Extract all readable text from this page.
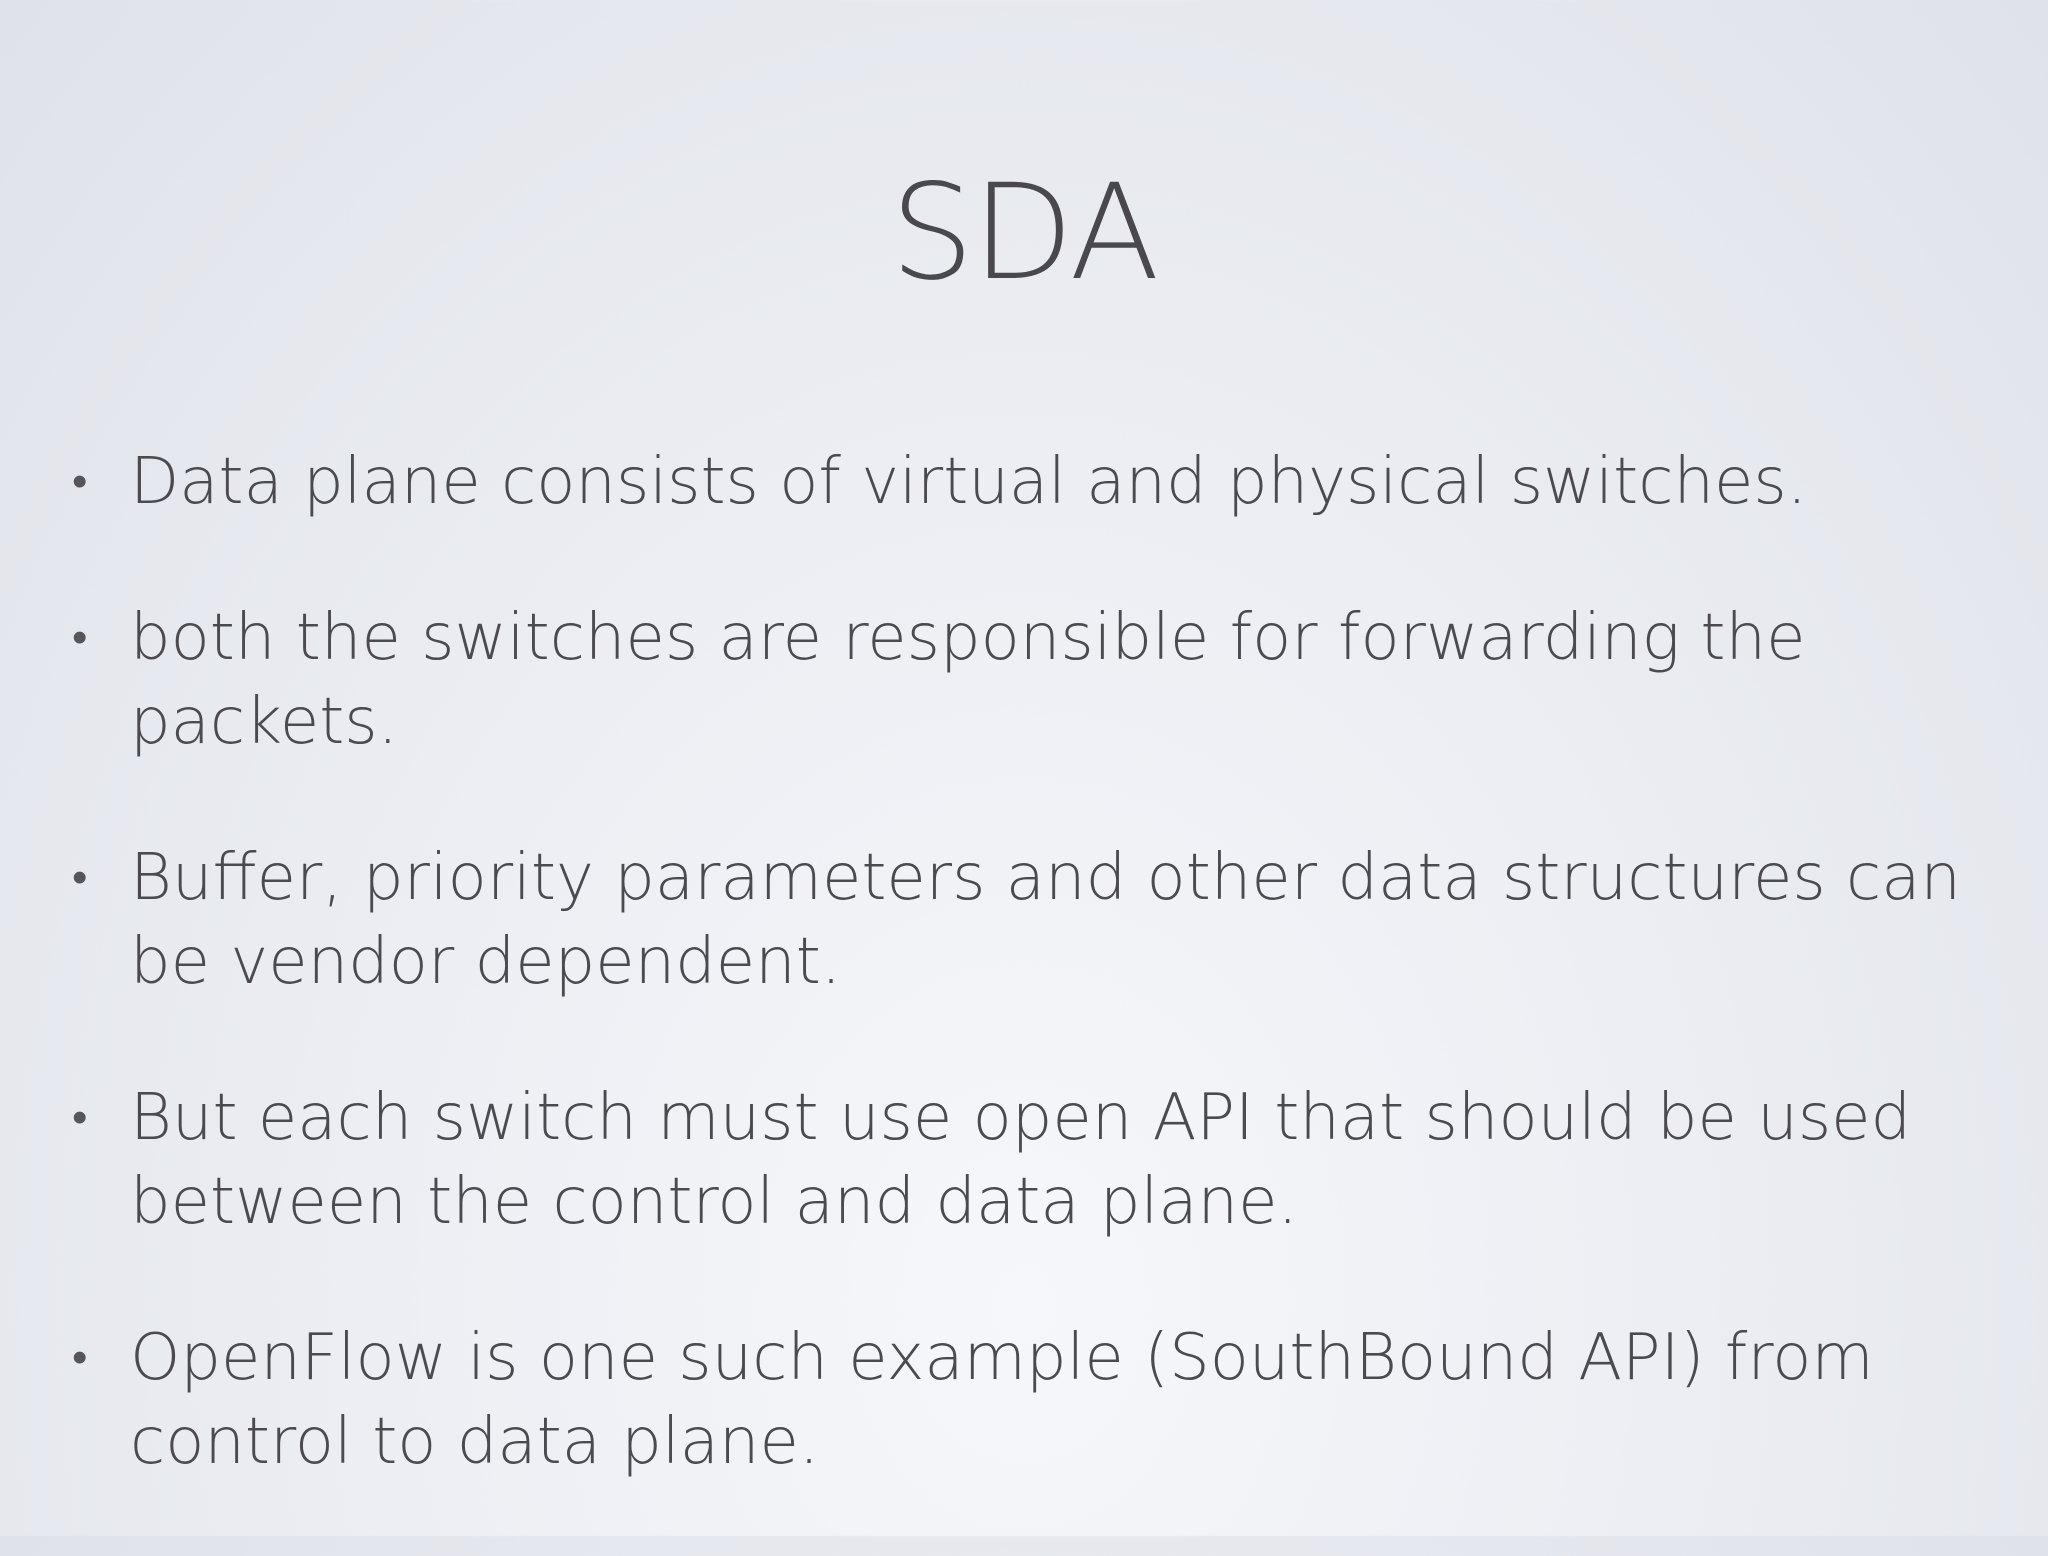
SDA
• Data plane consists of virtual and physical switches.
• both the switches are responsible for forwarding the packets.
• Buffer, priority parameters and other data structures can be vendor dependent.
• But each switch must use open API that should be used between the control and data plane.
• OpenFlow is one such example (SouthBound API) from control to data plane.
